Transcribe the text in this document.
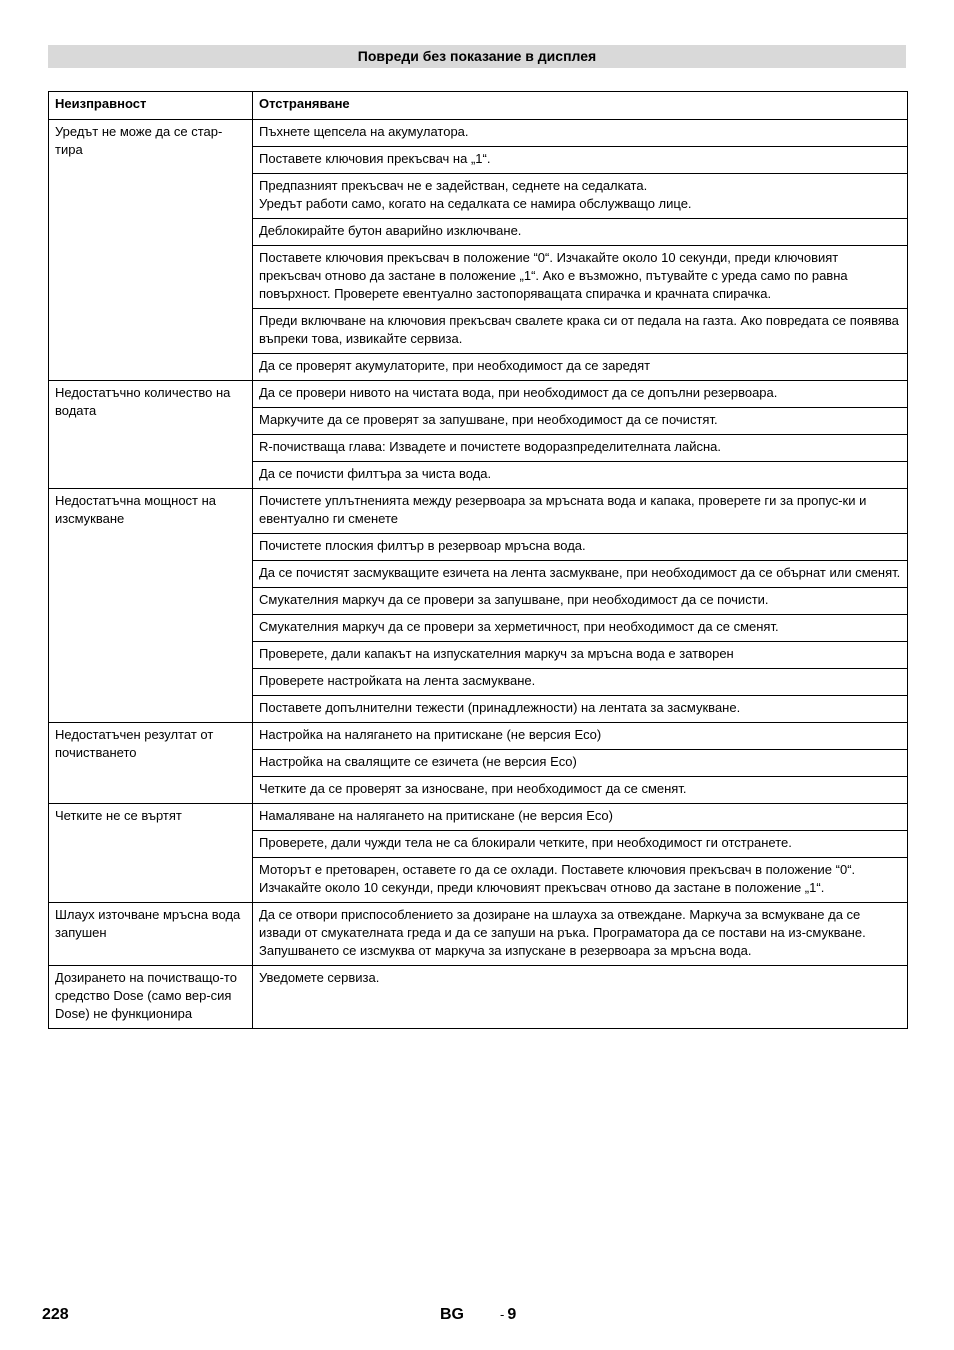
Повреди без показание в дисплея
Неизправност	Отстраняване
Уредът не може да се стар-тира	Пъхнете щепсела на акумулатора.
	Поставете ключовия прекъсвач на „1“.
	Предпазният прекъсвач не е задействан, седнете на седалката.
Уредът работи само, когато на седалката се намира обслужващо лице.
	Деблокирайте бутон аварийно изключване.
	Поставете ключовия прекъсвач в положение “0“. Изчакайте около 10 секунди, преди ключовият прекъсвач отново да застане в положение „1“. Ако е възможно, пътувайте с уреда само по равна повърхност. Проверете евентуално застопоряващата спирачка и крачната спирачка.
	Преди включване на ключовия прекъсвач свалете крака си от педала на газта. Ако повредата се появява въпреки това, извикайте сервиза.
	Да се проверят акумулаторите, при необходимост да се заредят
Недостатъчно количество на водата	Да се провери нивото на чистата вода, при необходимост да се допълни резервоара.
	Маркучите да се проверят за запушване, при необходимост да се почистят.
	R-почистваща глава: Извадете и почистете водоразпределителната лайсна.
	Да се почисти филтъра за чиста вода.
Недостатъчна мощност на изсмукване	Почистете уплътненията между резервоара за мръсната вода и капака, проверете ги за пропус-ки и евентуално ги сменете
	Почистете плоския филтър в резервоар мръсна вода.
	Да се почистят засмукващите езичета на лента засмукване, при необходимост да се обърнат или сменят.
	Смукателния маркуч да се провери за запушване, при необходимост да се почисти.
	Смукателния маркуч да се провери за херметичност, при необходимост да се сменят.
	Проверете, дали капакът на изпускателния маркуч за мръсна вода е затворен
	Проверете настройката на лента засмукване.
	Поставете допълнителни тежести (принадлежности) на лентата за засмукване.
Недостатъчен резултат от почистването	Настройка на налягането на притискане (не версия Eco)
	Настройка на свалящите се езичета (не версия Eco)
	Четките да се проверят за износване, при необходимост да се сменят.
Четките не се въртят	Намаляване на налягането на притискане (не версия Eco)
	Проверете, дали чужди тела не са блокирали четките, при необходимост ги отстранете.
	Моторът е претоварен, оставете го да се охлади. Поставете ключовия прекъсвач в положение “0“. Изчакайте около 10 секунди, преди ключовият прекъсвач отново да застане в положение „1“.
Шлаух източване мръсна вода запушен	Да се отвори приспособлението за дозиране на шлауха за отвеждане. Маркуча за всмукване да се извади от смукателната греда и да се запуши на ръка. Програматора да се постави на из-смукване. Запушването се изсмуква от маркуча за изпускане в резервоара за мръсна вода.
Дозирането на почистващо-то средство Dose (само вер-сия Dose) не функционира	Уведомете сервиза.
228	BG	- 9
